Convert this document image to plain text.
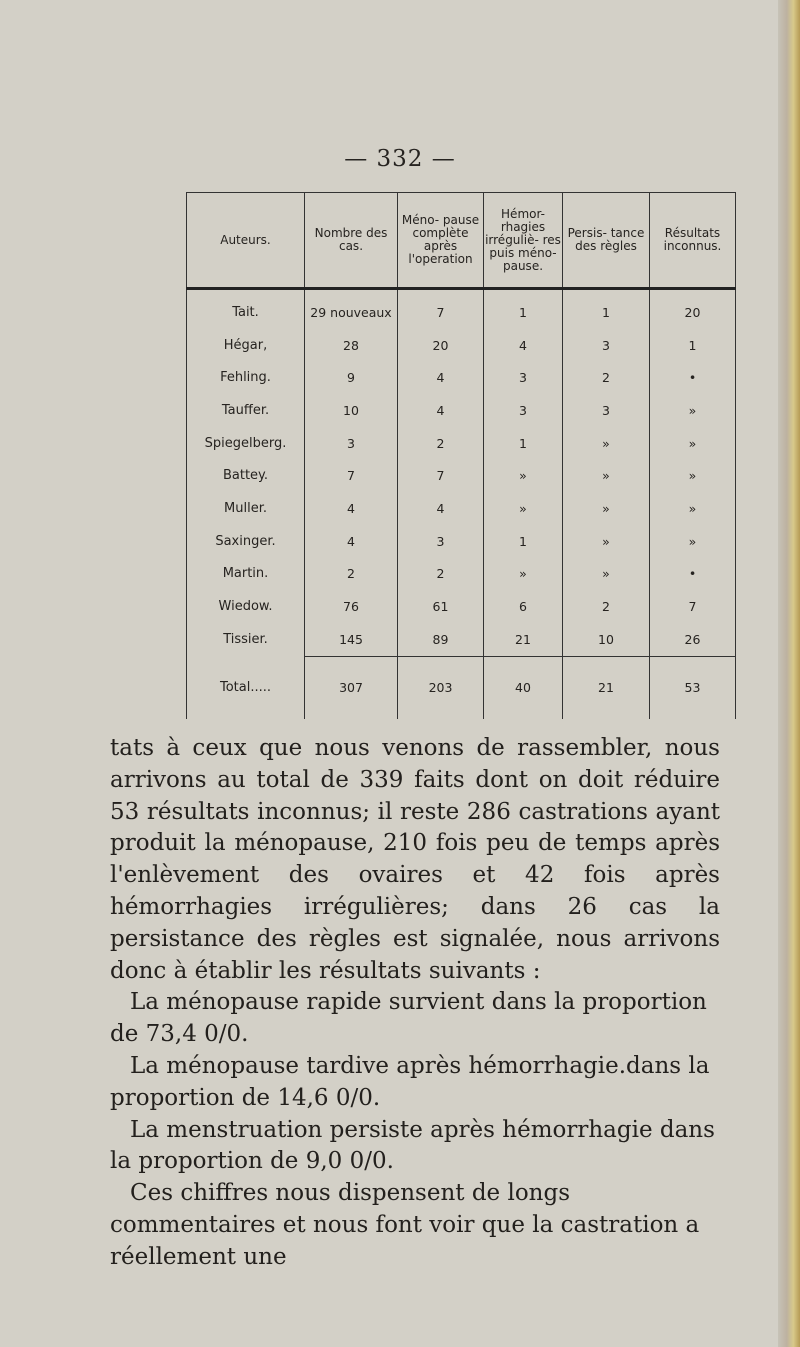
— 332 —
Auteurs.	Nombre des cas.	Méno- pause complète après l'operation	Hémor- rhagies irréguliè- res puis méno- pause.	Persis- tance des règles	Résultats inconnus.
Tait.	29 nouveaux	7	1	1	20
Hégar,	28	20	4	3	1
Fehling.	9	4	3	2	•
Tauffer.	10	4	3	3	»
Spiegelberg.	3	2	1	»	»
Battey.	7	7	»	»	»
Muller.	4	4	»	»	»
Saxinger.	4	3	1	»	»
Martin.	2	2	»	»	•
Wiedow.	76	61	6	2	7
Tissier.	145	89	21	10	26
Total.....	307	203	40	21	53

tats à ceux que nous venons de rassembler, nous arrivons au total de 339 faits dont on doit réduire 53 résultats inconnus; il reste 286 castrations ayant produit la ménopause, 210 fois peu de temps après l'enlèvement des ovaires et 42 fois après hémorrhagies irrégulières; dans 26 cas la persistance des règles est signalée, nous arrivons donc à établir les résultats suivants :

La ménopause rapide survient dans la proportion de 73,4 0/0.

La ménopause tardive après hémorrhagie.dans la proportion de 14,6 0/0.

La menstruation persiste après hémorrhagie dans la proportion de 9,0 0/0.

Ces chiffres nous dispensent de longs commentaires et nous font voir que la castration a réellement une
